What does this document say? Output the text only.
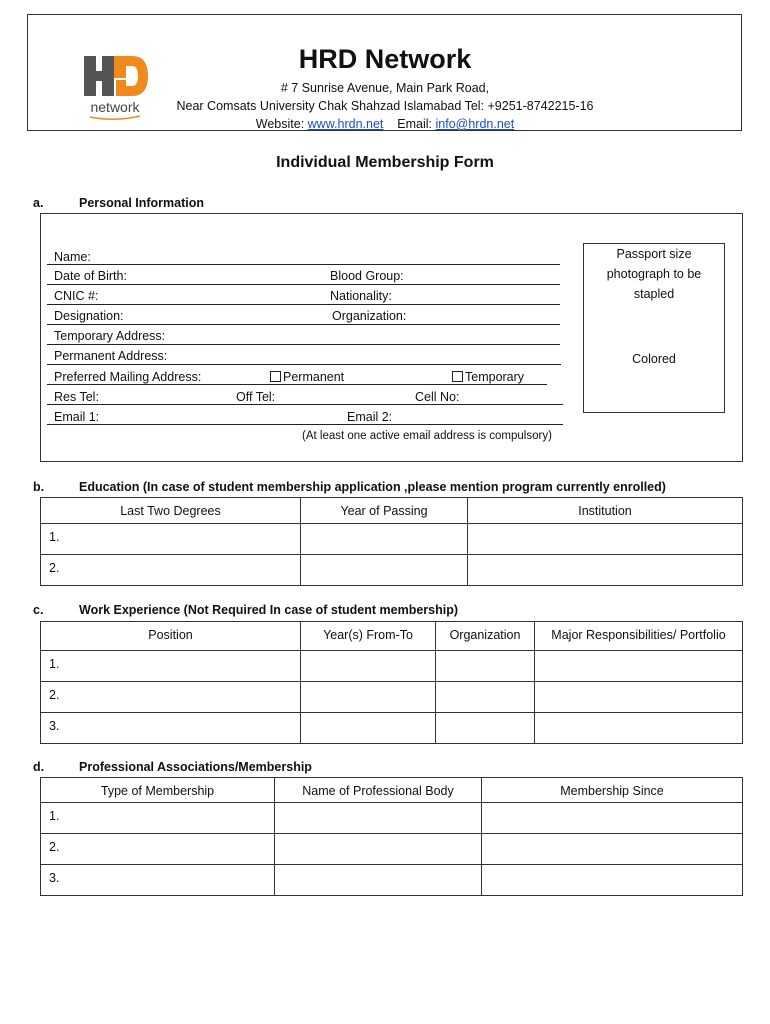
network
HRD Network
# 7 Sunrise Avenue, Main Park Road,
Near Comsats University Chak Shahzad Islamabad Tel: +9251-8742215-16
Website: www.hrdn.net Email: info@hrdn.net
Individual Membership Form
a.	Personal Information
Passport size
photograph to be
stapled
Colored
Name:
Date of Birth:	Blood Group:
CNIC #:	Nationality:
Designation:	Organization:
Temporary Address:
Permanent Address:
Preferred Mailing Address:	Permanent	Temporary
Res Tel:	Off Tel:	Cell No:
Email 1:	Email 2:
(At least one active email address is compulsory)
b.	Education (In case of student membership application ,please mention program currently enrolled)
Last Two Degrees	Year of Passing	Institution
1.		
2.		
c.	Work Experience (Not Required In case of student membership)
Position	Year(s) From-To	Organization	Major Responsibilities/ Portfolio
1.			
2.			
3.			
d.	Professional Associations/Membership
Type of Membership	Name of Professional Body	Membership Since
1.		
2.		
3.		
